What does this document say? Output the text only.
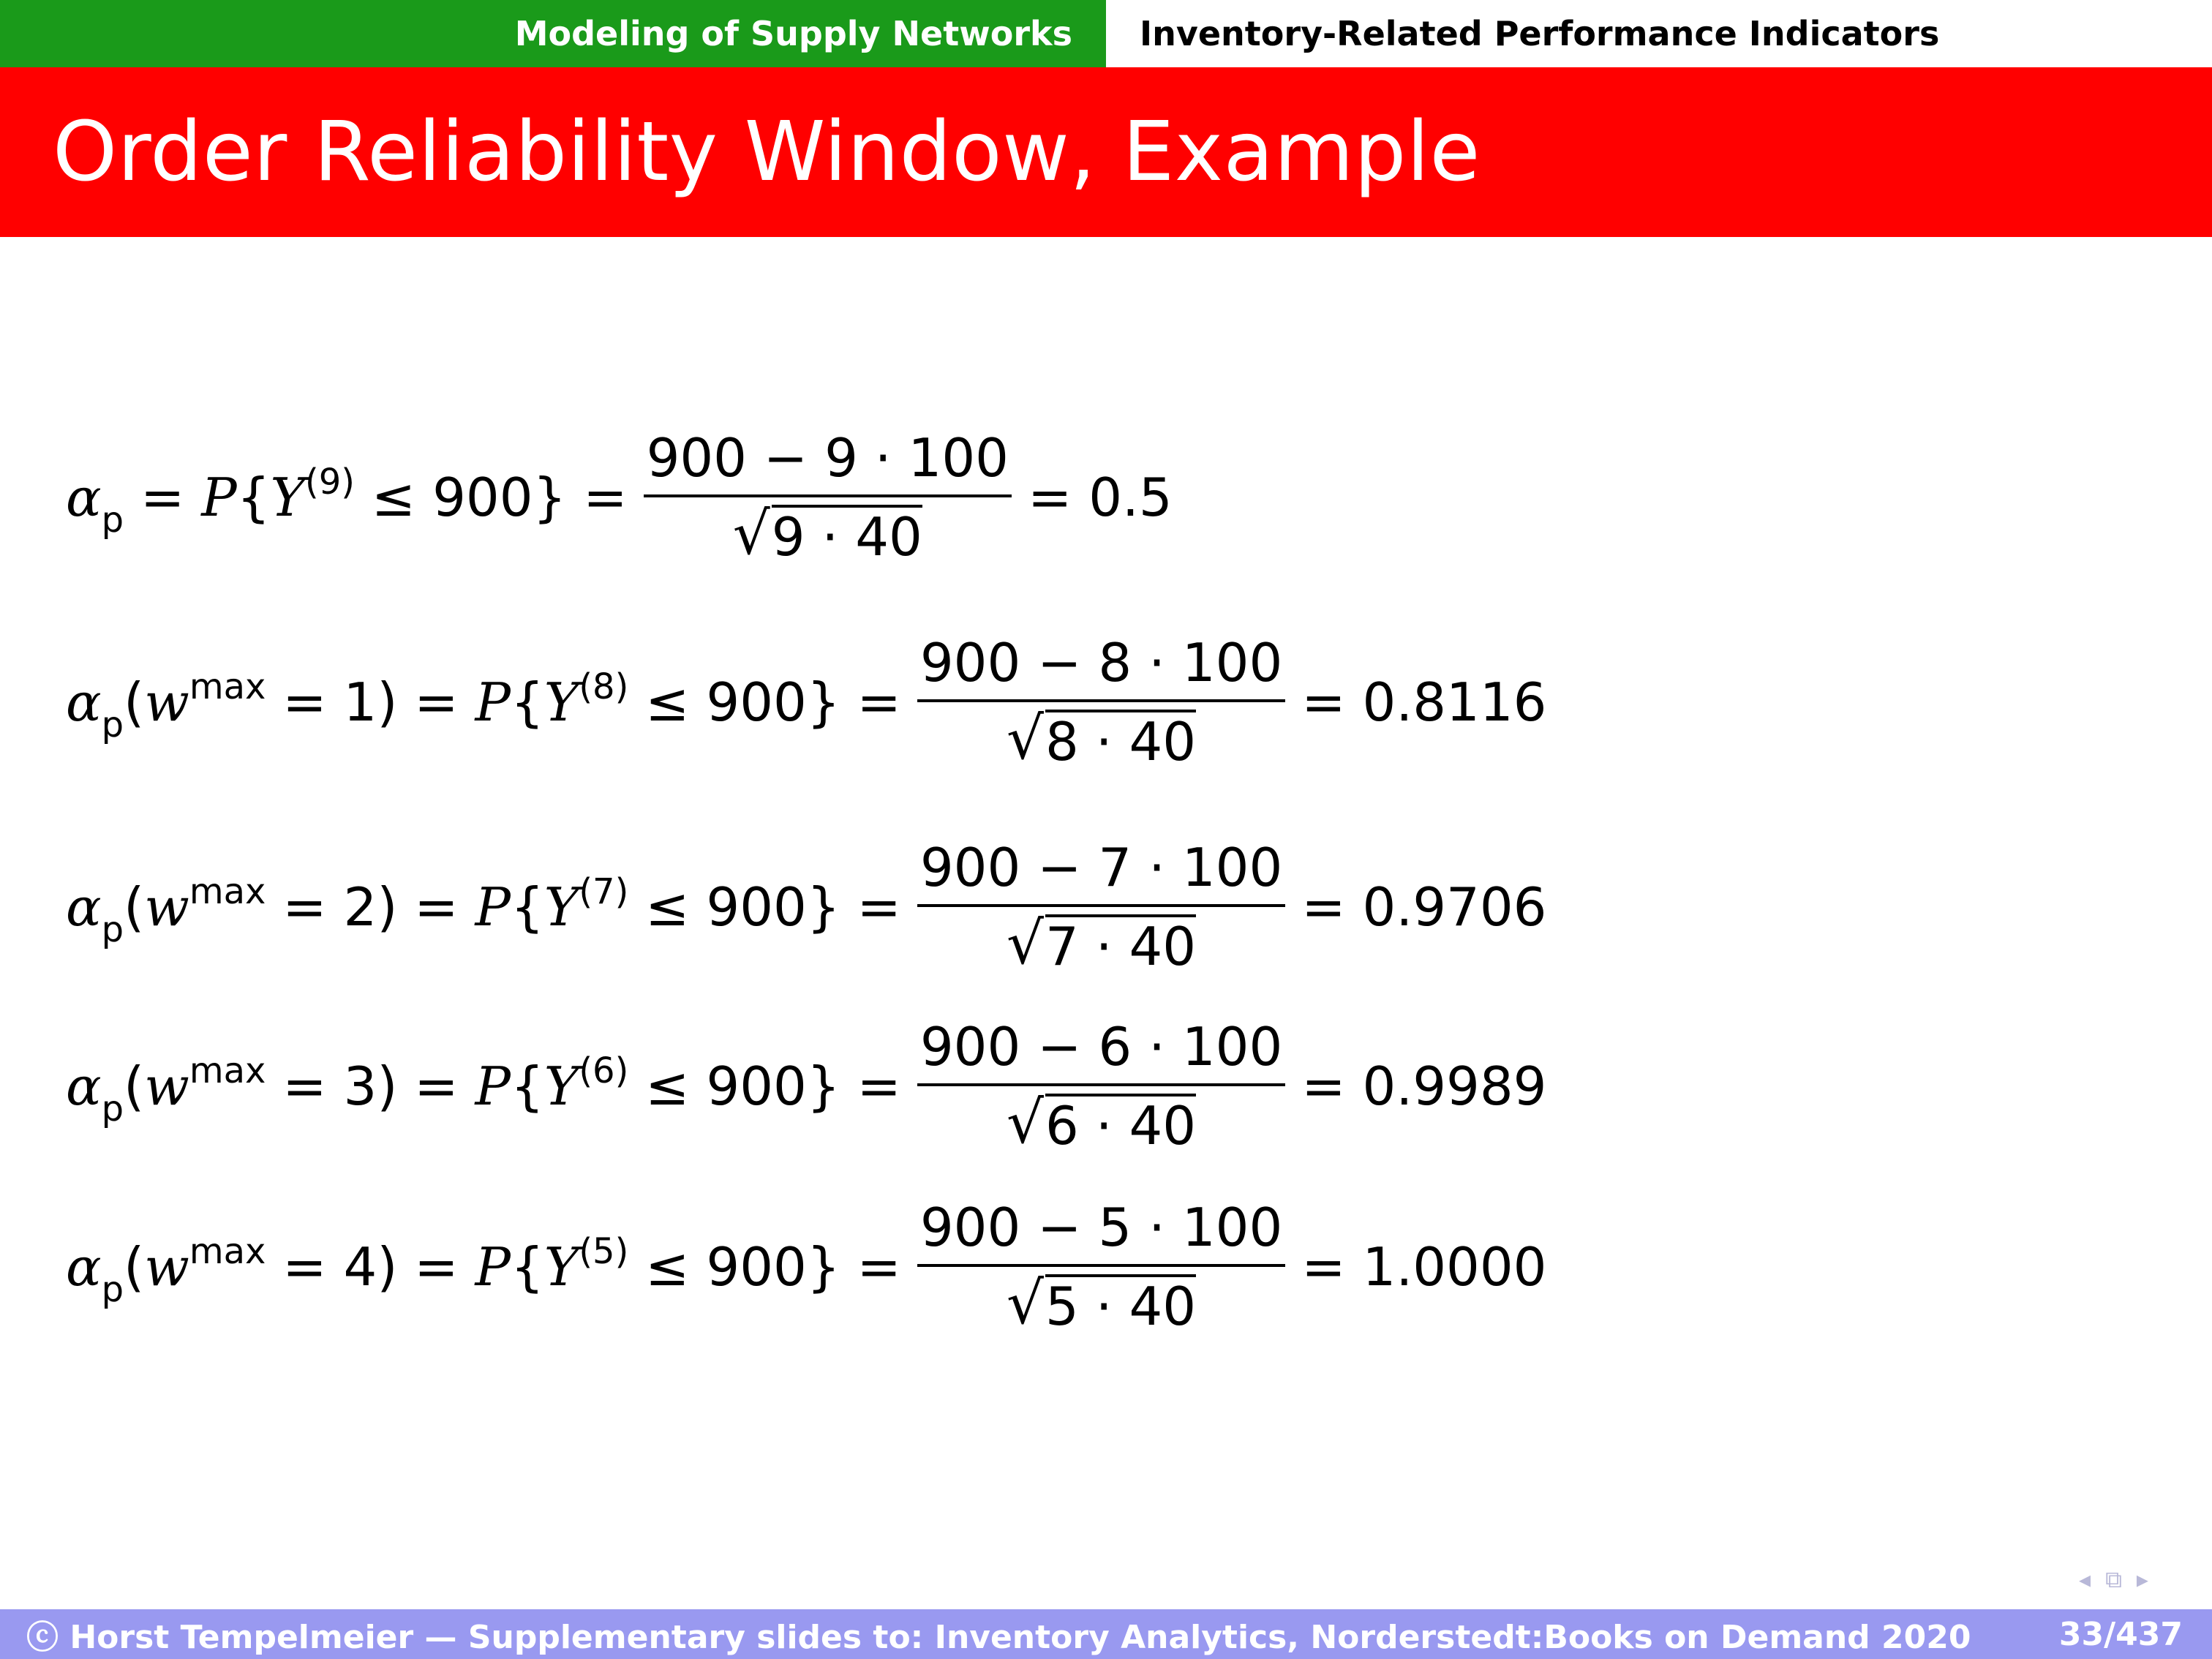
Modeling of Supply Networks	Inventory-Related Performance Indicators
Order Reliability Window, Example
$\alpha_p = P\{Y^{(9)} \le 900\} = \frac{900 - 9 \cdot 100}{√ 9 \cdot 40} = 0.5$
$\alpha_p(w^{max} = 1) = P\{Y^{(8)} \le 900\} = \frac{900 - 8 \cdot 100}{√ 8 \cdot 40} = 0.8116$
$\alpha_p(w^{max} = 2) = P\{Y^{(7)} \le 900\} = \frac{900 - 7 \cdot 100}{√ 7 \cdot 40} = 0.9706$
$\alpha_p(w^{max} = 3) = P\{Y^{(6)} \le 900\} = \frac{900 - 6 \cdot 100}{√ 6 \cdot 40} = 0.9989$
$\alpha_p(w^{max} = 4) = P\{Y^{(5)} \le 900\} = \frac{900 - 5 \cdot 100}{√ 5 \cdot 40} = 1.0000$
◂ ⧉ ▸
ⓒ Horst Tempelmeier — Supplementary slides to: Inventory Analytics, Norderstedt:Books on Demand 2020	33/437
